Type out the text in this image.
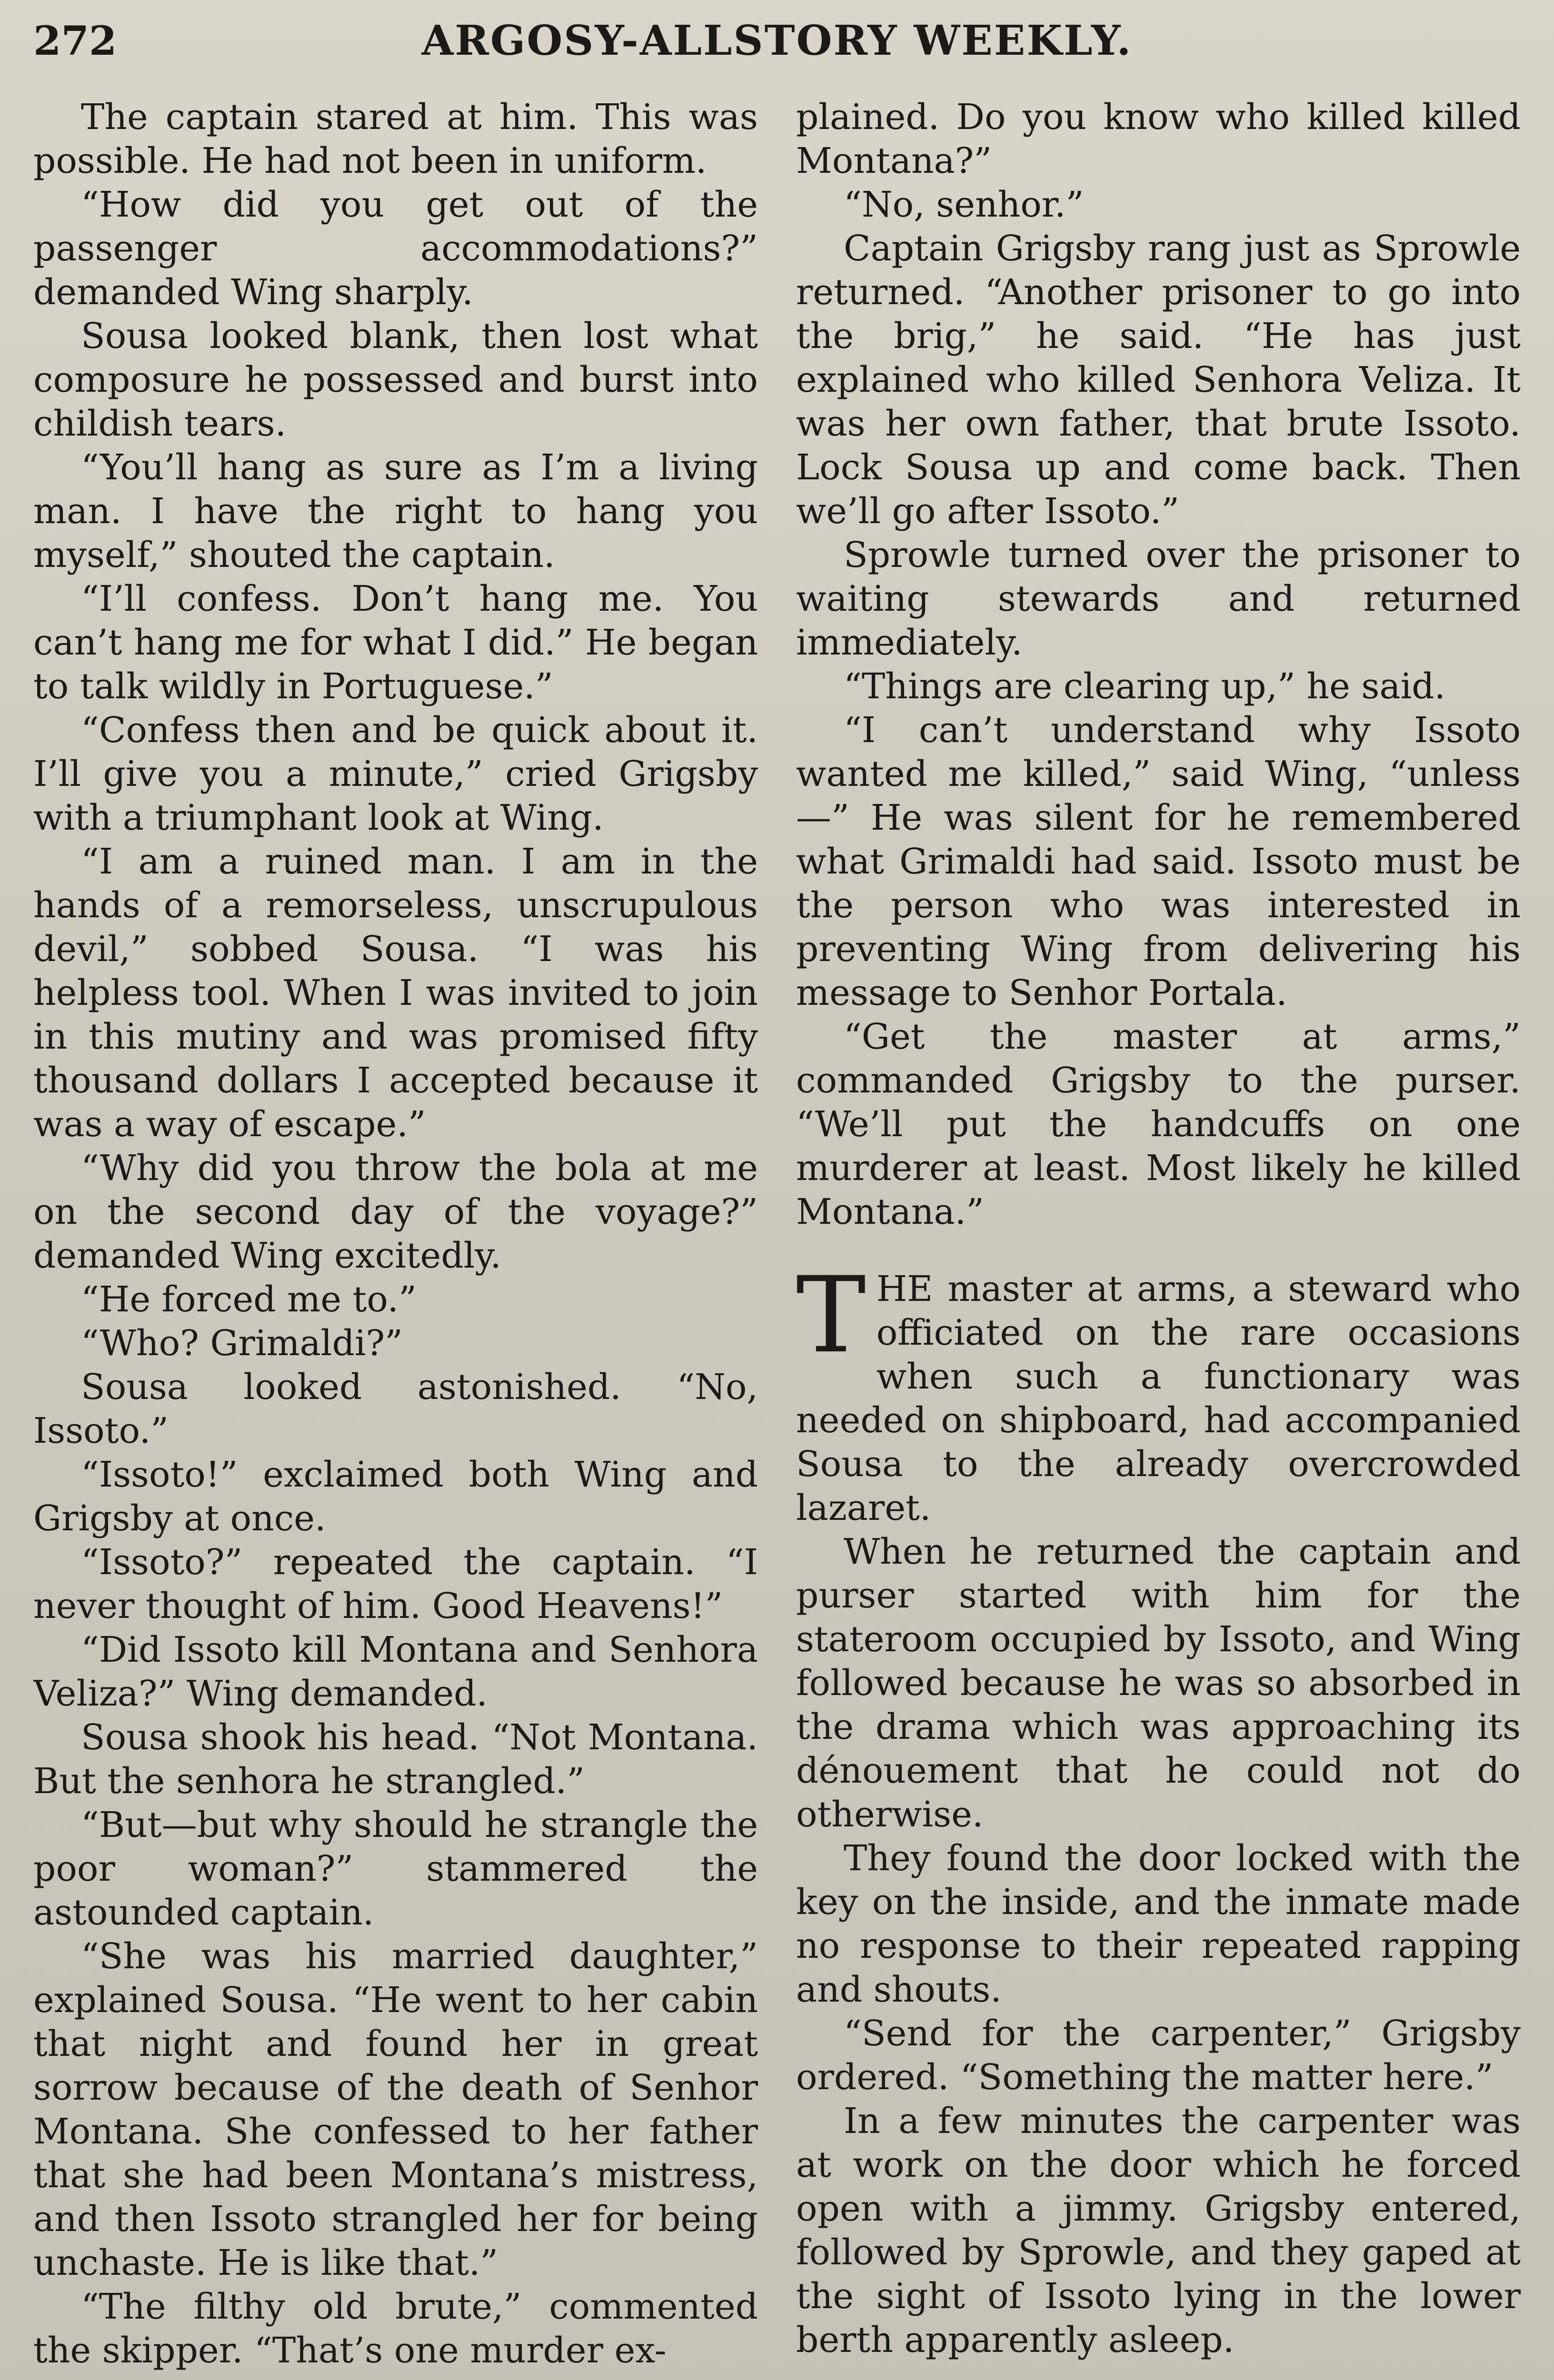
272	ARGOSY-ALLSTORY WEEKLY.

The captain stared at him. This was possible. He had not been in uniform.

“How did you get out of the passenger accommodations?” demanded Wing sharply.

Sousa looked blank, then lost what composure he possessed and burst into childish tears.

“You’ll hang as sure as I’m a living man. I have the right to hang you myself,” shouted the captain.

“I’ll confess. Don’t hang me. You can’t hang me for what I did.” He began to talk wildly in Portuguese.”

“Confess then and be quick about it. I’ll give you a minute,” cried Grigsby with a triumphant look at Wing.

“I am a ruined man. I am in the hands of a remorseless, unscrupulous devil,” sobbed Sousa. “I was his helpless tool. When I was invited to join in this mutiny and was promised fifty thousand dollars I accepted because it was a way of escape.”

“Why did you throw the bola at me on the second day of the voyage?” demanded Wing excitedly.

“He forced me to.”

“Who? Grimaldi?”

Sousa looked astonished. “No, Issoto.”

“Issoto!” exclaimed both Wing and Grigsby at once.

“Issoto?” repeated the captain. “I never thought of him. Good Heavens!”

“Did Issoto kill Montana and Senhora Veliza?” Wing demanded.

Sousa shook his head. “Not Montana. But the senhora he strangled.”

“But—but why should he strangle the poor woman?” stammered the astounded captain.

“She was his married daughter,” explained Sousa. “He went to her cabin that night and found her in great sorrow because of the death of Senhor Montana. She confessed to her father that she had been Montana’s mistress, and then Issoto strangled her for being unchaste. He is like that.”

“The filthy old brute,” commented the skipper. “That’s one murder ex-

plained. Do you know who killed killed Montana?”

“No, senhor.”

Captain Grigsby rang just as Sprowle returned. “Another prisoner to go into the brig,” he said. “He has just explained who killed Senhora Veliza. It was her own father, that brute Issoto. Lock Sousa up and come back. Then we’ll go after Issoto.”

Sprowle turned over the prisoner to waiting stewards and returned immediately.

“Things are clearing up,” he said.

“I can’t understand why Issoto wanted me killed,” said Wing, “unless—” He was silent for he remembered what Grimaldi had said. Issoto must be the person who was interested in preventing Wing from delivering his message to Senhor Portala.

“Get the master at arms,” commanded Grigsby to the purser. “We’ll put the handcuffs on one murderer at least. Most likely he killed Montana.”

THE master at arms, a steward who officiated on the rare occasions when such a functionary was needed on shipboard, had accompanied Sousa to the already overcrowded lazaret.

When he returned the captain and purser started with him for the stateroom occupied by Issoto, and Wing followed because he was so absorbed in the drama which was approaching its dénouement that he could not do otherwise.

They found the door locked with the key on the inside, and the inmate made no response to their repeated rapping and shouts.

“Send for the carpenter,” Grigsby ordered. “Something the matter here.”

In a few minutes the carpenter was at work on the door which he forced open with a jimmy. Grigsby entered, followed by Sprowle, and they gaped at the sight of Issoto lying in the lower berth apparently asleep.
